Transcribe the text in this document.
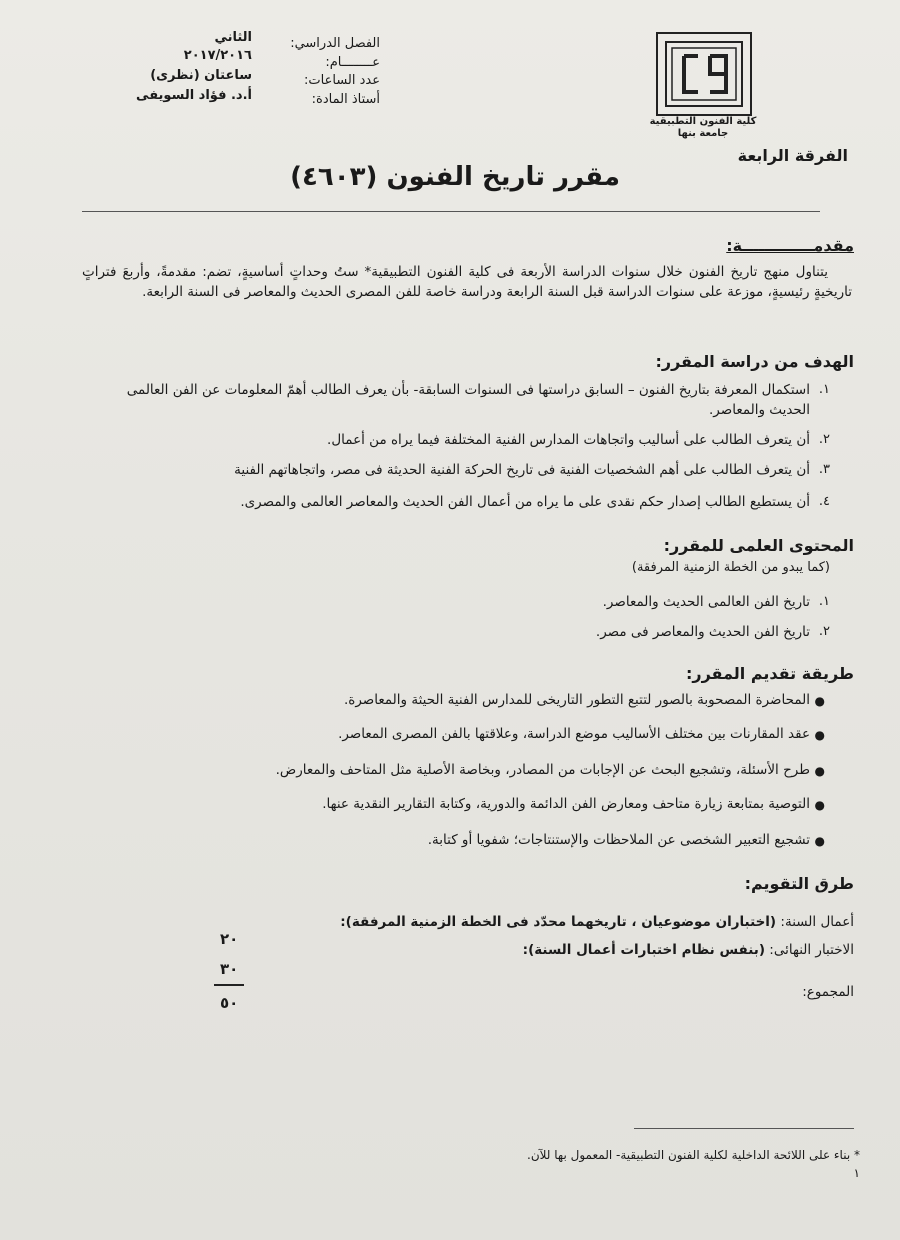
الفصل الدراسي:
الثاني
عــــــــام:
٢٠١٧/٢٠١٦
عدد الساعات:
ساعتان (نظرى)
أستاذ المادة:
أ.د. فؤاد السويفى
كلية الفنون التطبيقية
جامعة بنها
الفرقة الرابعة
مقرر تاريخ الفنون (٤٦٠٣)
مقدمـــــــــــــة:
يتناول منهج تاريخ الفنون خلال سنوات الدراسة الأربعة فى كلية الفنون التطبيقية* ستُ وحداتٍ أساسيةٍ، تضم: مقدمةً، وأربعَ فتراتٍ تاريخيةٍ رئيسيةٍ، موزعة على سنوات الدراسة قبل السنة الرابعة ودراسة خاصة للفن المصرى الحديث والمعاصر فى السنة الرابعة.
الهدف من دراسة المقرر:
١.
استكمال المعرفة بتاريخ الفنون – السابق دراستها فى السنوات السابقة- بأن يعرف الطالب أهمّ المعلومات عن الفن العالمى الحديث والمعاصر.
٢.
أن يتعرف الطالب على أساليب واتجاهات المدارس الفنية المختلفة فيما يراه من أعمال.
٣.
أن يتعرف الطالب على أهم الشخصيات الفنية فى تاريخ الحركة الفنية الحديثة فى مصر، واتجاهاتهم الفنية
٤.
أن يستطيع الطالب إصدار حكم نقدى على ما يراه من أعمال الفن الحديث والمعاصر العالمى والمصرى.
المحتوى العلمى للمقرر:
(كما يبدو من الخطة الزمنية المرفقة)
١.
تاريخ الفن العالمى الحديث والمعاصر.
٢.
تاريخ الفن الحديث والمعاصر فى مصر.
طريقة تقديم المقرر:
●
المحاضرة المصحوبة بالصور لتتبع التطور التاريخى للمدارس الفنية الحيثة والمعاصرة.
●
عقد المقارنات بين مختلف الأساليب موضع الدراسة، وعلاقتها بالفن المصرى المعاصر.
●
طرح الأسئلة، وتشجيع البحث عن الإجابات من المصادر، وبخاصة الأصلية مثل المتاحف والمعارض.
●
التوصية بمتابعة زيارة متاحف ومعارض الفن الدائمة والدورية، وكتابة التقارير النقدية عنها.
●
تشجيع التعبير الشخصى عن الملاحظات والإستنتاجات؛ شفويا أو كتابة.
طرق التقويم:
أعمال السنة: (اختباران موضوعيان ، تاريخهما محدّد فى الخطة الزمنية المرفقة):
الاختبار النهائى: (بنفس نظام اختبارات أعمال السنة):
المجموع:
٢٠
٣٠
٥٠
* بناء على اللائحة الداخلية لكلية الفنون التطبيقية- المعمول بها للآن.
١
